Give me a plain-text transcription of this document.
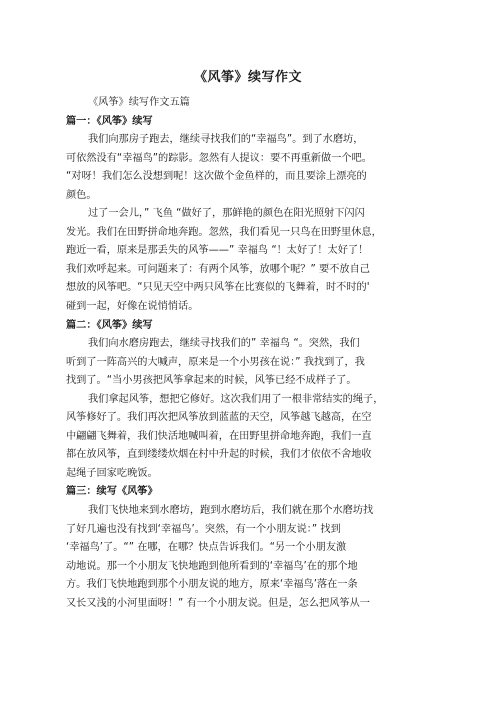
《风筝》续写作文
《风筝》续写作文五篇
篇一：《风筝》续写
我们向那房子跑去，继续寻找我们的“幸福鸟”。到了水磨坊，
可依然没有“幸福鸟”的踪影。忽然有人提议：要不再重新做一个吧。
“对呀！我们怎么没想到呢！这次做个金鱼样的，而且要涂上漂亮的
颜色。
过了一会儿，” 飞鱼 “做好了，那鲜艳的颜色在阳光照射下闪闪
发光。我们在田野拼命地奔跑。忽然，我们看见一只鸟在田野里休息，
跑近一看，原来是那丢失的风筝——” 幸福鸟 “！太好了！太好了！
我们欢呼起来。可问题来了：有两个风筝，放哪个呢？” 要不放自己
想放的风筝吧。“只见天空中两只风筝在比赛似的飞舞着，时不时的'
碰到一起，好像在说悄悄话。
篇二：《风筝》续写
我们向水磨房跑去，继续寻找我们的” 幸福鸟 “。突然，我们
听到了一阵高兴的大喊声，原来是一个小男孩在说：” 我找到了，我
找到了。“当小男孩把风筝拿起来的时候，风筝已经不成样子了。
我们拿起风筝，想把它修好。这次我们用了一根非常结实的绳子，
风筝修好了。我们再次把风筝放到蓝蓝的天空，风筝越飞越高，在空
中翩翩飞舞着，我们快活地喊叫着，在田野里拼命地奔跑，我们一直
都在放风筝，直到缕缕炊烟在村中升起的时候，我们才依依不舍地收
起绳子回家吃晚饭。
篇三：续写《风筝》
我们飞快地来到水磨坊，跑到水磨坊后，我们就在那个水磨坊找
了好几遍也没有找到‘幸福鸟’。突然，有一个小朋友说：” 找到
‘幸福鸟’了。“” 在哪，在哪？快点告诉我们。“另一个小朋友激
动地说。那一个小朋友飞快地跑到他所看到的‘幸福鸟’在的那个地
方。我们飞快地跑到那个小朋友说的地方，原来‘幸福鸟’落在一条
又长又浅的小河里面呀！” 有一个小朋友说。但是，怎么把风筝从一
